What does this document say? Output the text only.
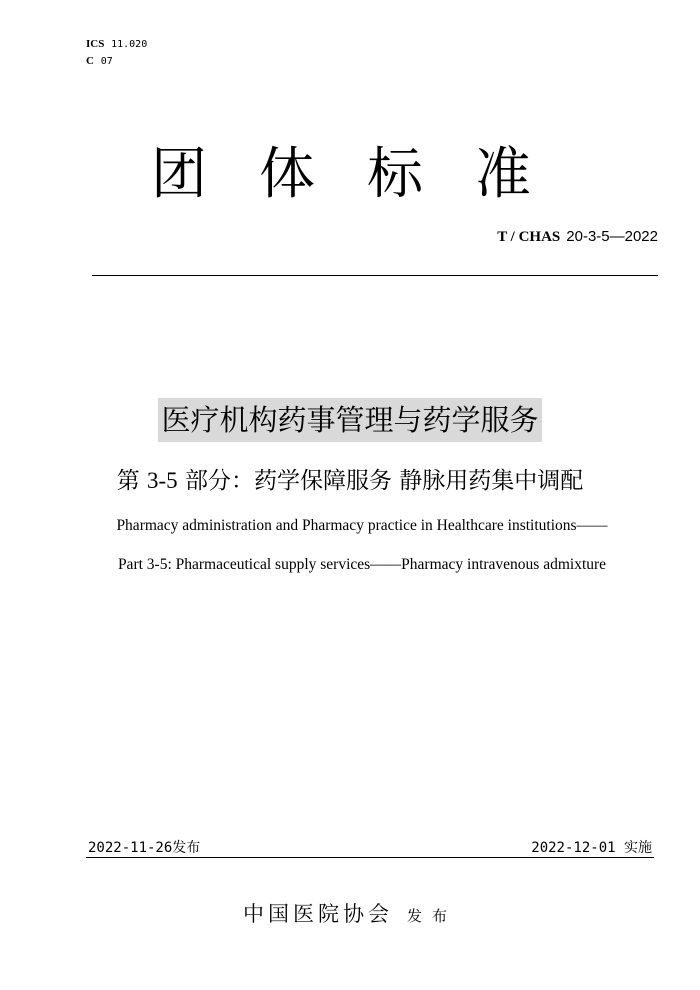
ICS 11.020
C 07
团体标准
T / CHAS 20-3-5—2022
医疗机构药事管理与药学服务
第 3-5 部分：药学保障服务 静脉用药集中调配
Pharmacy administration and Pharmacy practice in Healthcare institutions——
Part 3-5: Pharmaceutical supply services——Pharmacy intravenous admixture
2022-11-26发布	2022-12-01 实施
中国医院协会 发布
